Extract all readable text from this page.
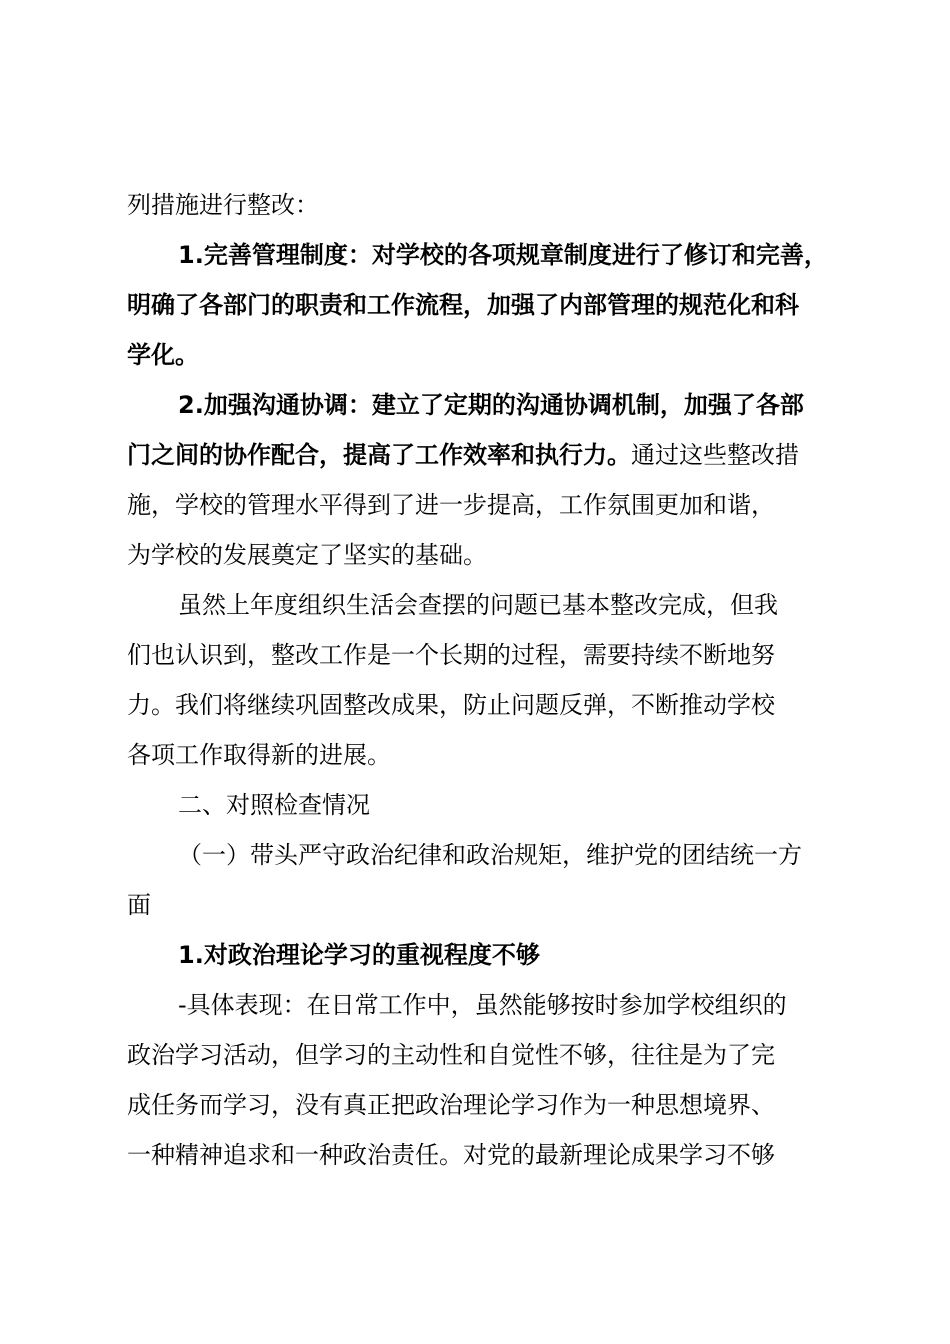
列措施进行整改：
1.完善管理制度：对学校的各项规章制度进行了修订和完善，
明确了各部门的职责和工作流程，加强了内部管理的规范化和科
学化。
2.加强沟通协调：建立了定期的沟通协调机制，加强了各部
门之间的协作配合，提高了工作效率和执行力。通过这些整改措
施，学校的管理水平得到了进一步提高，工作氛围更加和谐，
为学校的发展奠定了坚实的基础。
虽然上年度组织生活会查摆的问题已基本整改完成，但我
们也认识到，整改工作是一个长期的过程，需要持续不断地努
力。我们将继续巩固整改成果，防止问题反弹，不断推动学校
各项工作取得新的进展。
二、对照检查情况
（一）带头严守政治纪律和政治规矩，维护党的团结统一方
面
1.对政治理论学习的重视程度不够
-具体表现：在日常工作中，虽然能够按时参加学校组织的
政治学习活动，但学习的主动性和自觉性不够，往往是为了完
成任务而学习，没有真正把政治理论学习作为一种思想境界、
一种精神追求和一种政治责任。对党的最新理论成果学习不够
